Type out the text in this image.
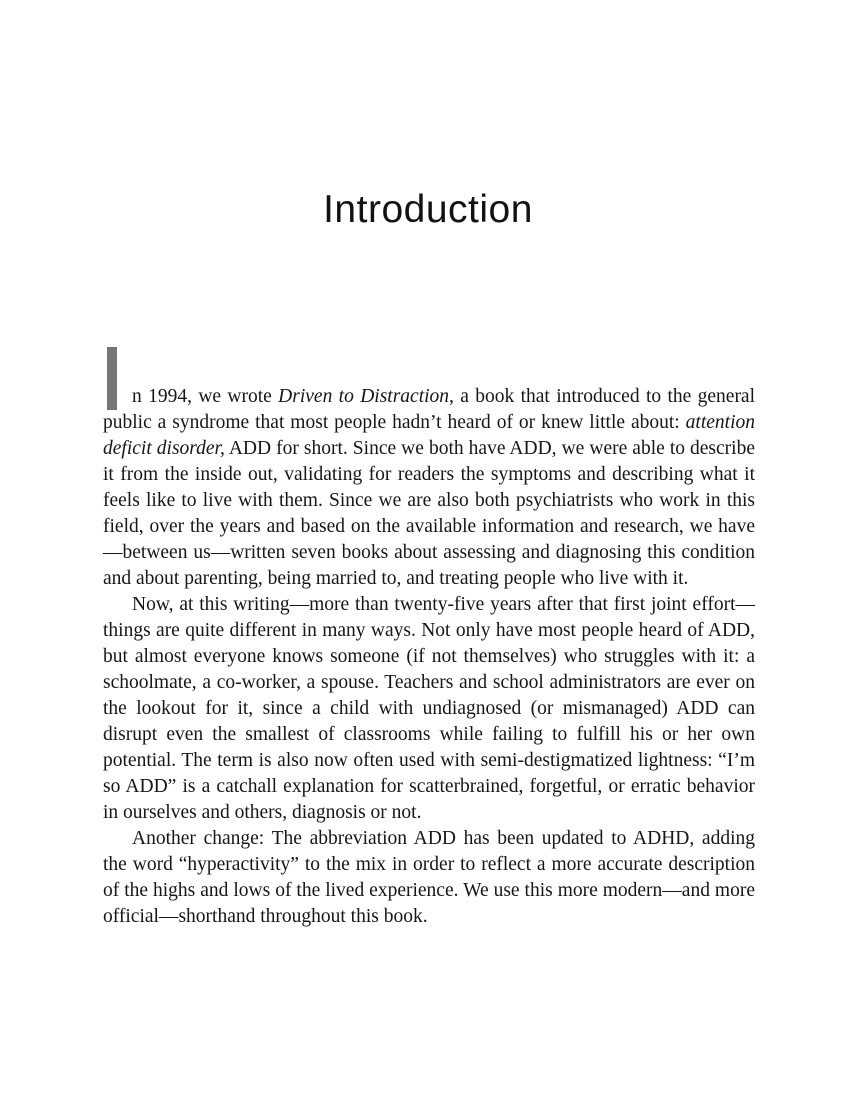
Introduction

n 1994, we wrote Driven to Distraction, a book that introduced to the general public a syndrome that most people hadn’t heard of or knew little about: attention deficit disorder, ADD for short. Since we both have ADD, we were able to describe it from the inside out, validating for readers the symptoms and describing what it feels like to live with them. Since we are also both psychiatrists who work in this field, over the years and based on the available information and research, we have—between us—written seven books about assessing and diagnosing this condition and about parenting, being married to, and treating people who live with it.

Now, at this writing—more than twenty-five years after that first joint effort—things are quite different in many ways. Not only have most people heard of ADD, but almost everyone knows someone (if not themselves) who struggles with it: a schoolmate, a co-worker, a spouse. Teachers and school administrators are ever on the lookout for it, since a child with undiagnosed (or mismanaged) ADD can disrupt even the smallest of classrooms while failing to fulfill his or her own potential. The term is also now often used with semi-destigmatized lightness: “I’m so ADD” is a catchall explanation for scatterbrained, forgetful, or erratic behavior in ourselves and others, diagnosis or not.

Another change: The abbreviation ADD has been updated to ADHD, adding the word “hyperactivity” to the mix in order to reflect a more accurate description of the highs and lows of the lived experience. We use this more modern—and more official—shorthand throughout this book.
